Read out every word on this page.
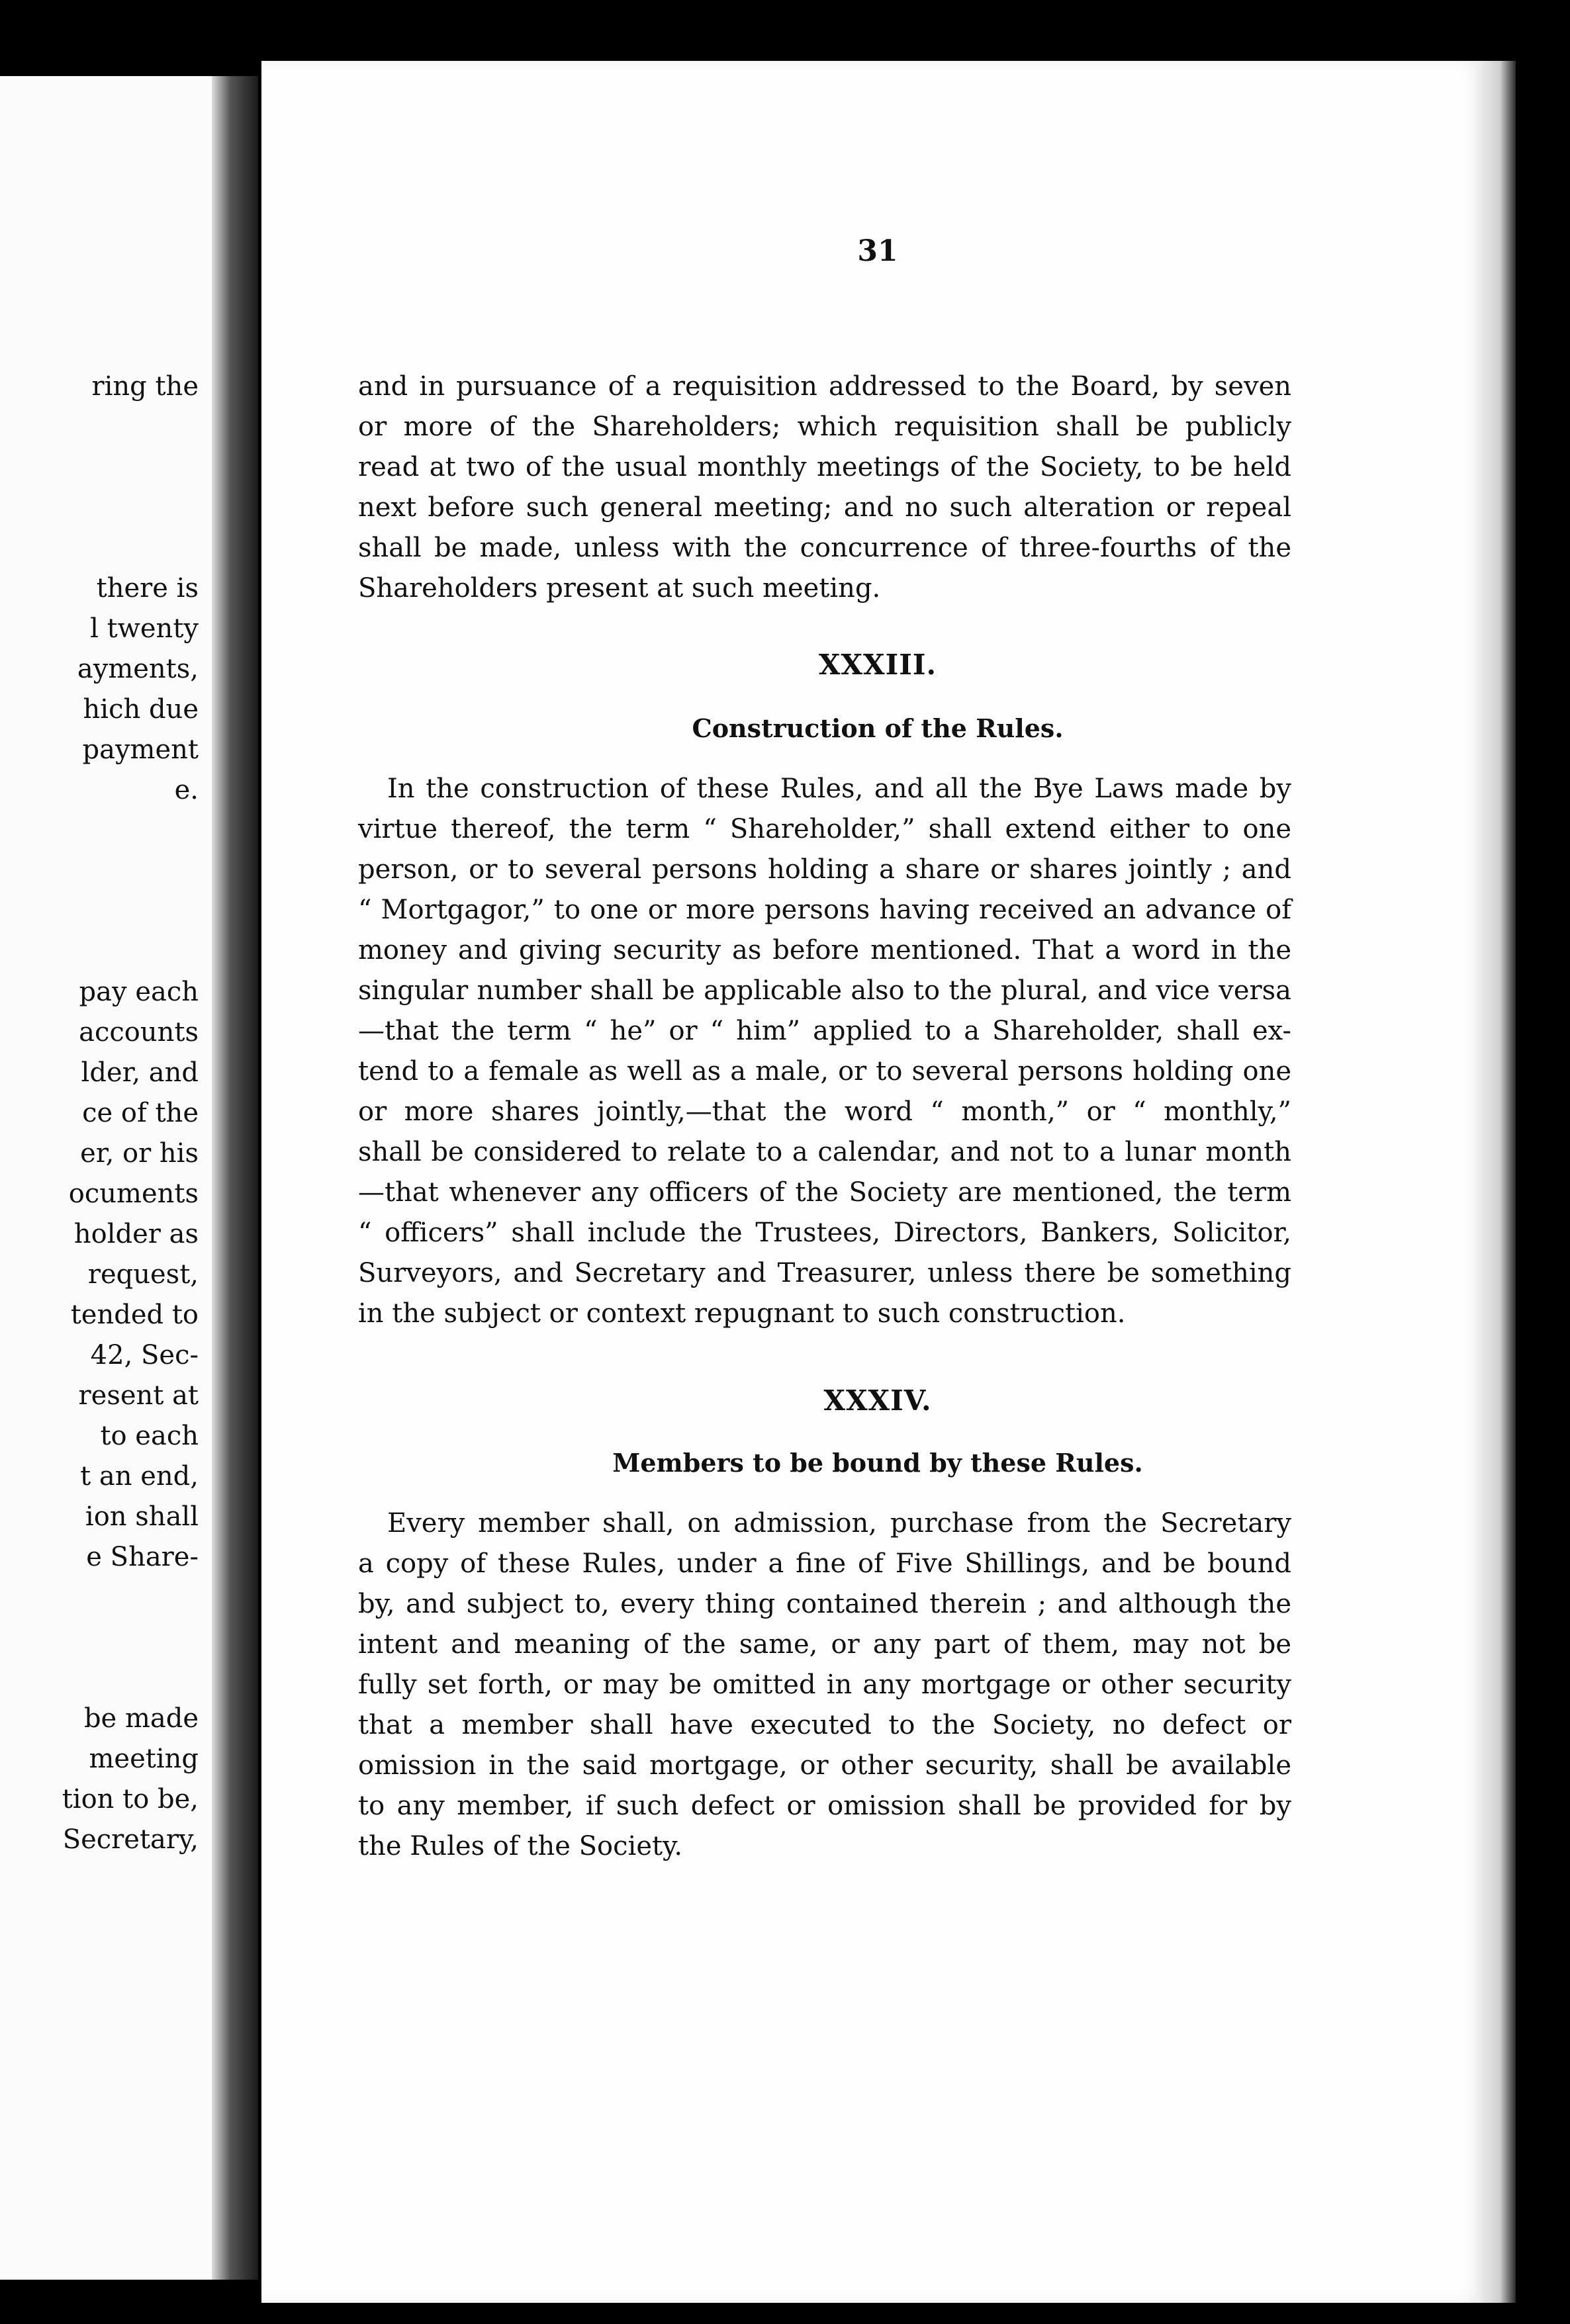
ring the
there is
l twenty
ayments,
hich due
payment
e.
pay each
accounts
lder, and
ce of the
er, or his
ocuments
holder as
request,
tended to
42, Sec-
resent at
to each
t an end,
ion shall
e Share-
be made
meeting
tion to be,
Secretary,
31
and in pursuance of a requisition addressed to the Board, by seven
or more of the Shareholders; which requisition shall be publicly
read at two of the usual monthly meetings of the Society, to be held
next before such general meeting; and no such alteration or repeal
shall be made, unless with the concurrence of three-fourths of the
Shareholders present at such meeting.
XXXIII.
Construction of the Rules.
In the construction of these Rules, and all the Bye Laws made by
virtue thereof, the term “ Shareholder,” shall extend either to one
person, or to several persons holding a share or shares jointly ; and
“ Mortgagor,” to one or more persons having received an advance of
money and giving security as before mentioned. That a word in the
singular number shall be applicable also to the plural, and vice versa
—that the term “ he” or “ him” applied to a Shareholder, shall ex-
tend to a female as well as a male, or to several persons holding one
or more shares jointly,—that the word “ month,” or “ monthly,”
shall be considered to relate to a calendar, and not to a lunar month
—that whenever any officers of the Society are mentioned, the term
“ officers” shall include the Trustees, Directors, Bankers, Solicitor,
Surveyors, and Secretary and Treasurer, unless there be something
in the subject or context repugnant to such construction.
XXXIV.
Members to be bound by these Rules.
Every member shall, on admission, purchase from the Secretary
a copy of these Rules, under a fine of Five Shillings, and be bound
by, and subject to, every thing contained therein ; and although the
intent and meaning of the same, or any part of them, may not be
fully set forth, or may be omitted in any mortgage or other security
that a member shall have executed to the Society, no defect or
omission in the said mortgage, or other security, shall be available
to any member, if such defect or omission shall be provided for by
the Rules of the Society.
